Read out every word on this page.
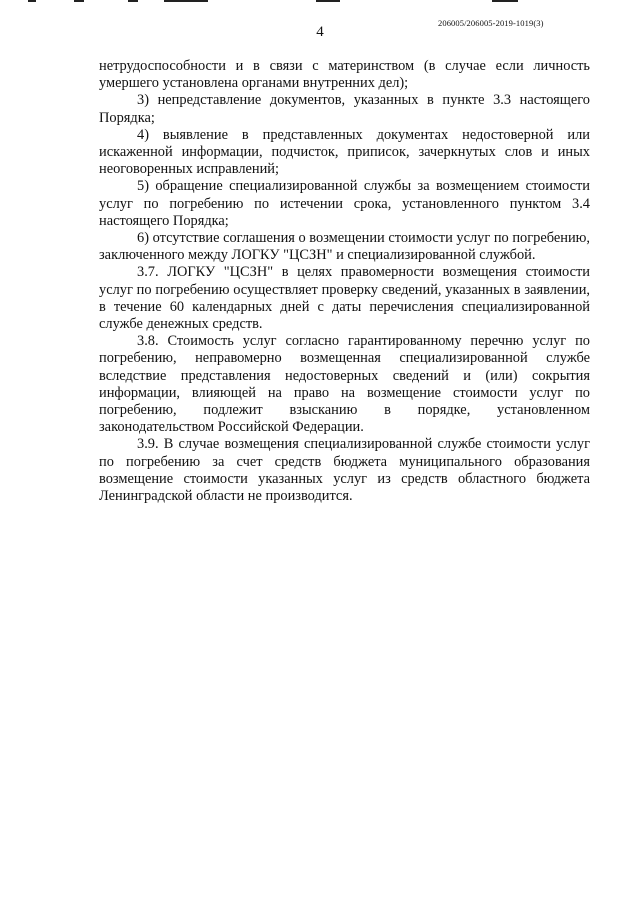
4
206005/206005-2019-1019(3)

нетрудоспособности и в связи с материнством (в случае если личность умершего установлена органами внутренних дел);

3) непредставление документов, указанных в пункте 3.3 настоящего Порядка;

4) выявление в представленных документах недостоверной или искаженной информации, подчисток, приписок, зачеркнутых слов и иных неоговоренных исправлений;

5) обращение специализированной службы за возмещением стоимости услуг по погребению по истечении срока, установленного пунктом 3.4 настоящего Порядка;

6) отсутствие соглашения о возмещении стоимости услуг по погребению, заключенного между ЛОГКУ "ЦСЗН" и специализированной службой.

3.7. ЛОГКУ "ЦСЗН" в целях правомерности возмещения стоимости услуг по погребению осуществляет проверку сведений, указанных в заявлении, в течение 60 календарных дней с даты перечисления специализированной службе денежных средств.

3.8. Стоимость услуг согласно гарантированному перечню услуг по погребению, неправомерно возмещенная специализированной службе вследствие представления недостоверных сведений и (или) сокрытия информации, влияющей на право на возмещение стоимости услуг по погребению, подлежит взысканию в порядке, установленном законодательством Российской Федерации.

3.9. В случае возмещения специализированной службе стоимости услуг по погребению за счет средств бюджета муниципального образования возмещение стоимости указанных услуг из средств областного бюджета Ленинградской области не производится.
